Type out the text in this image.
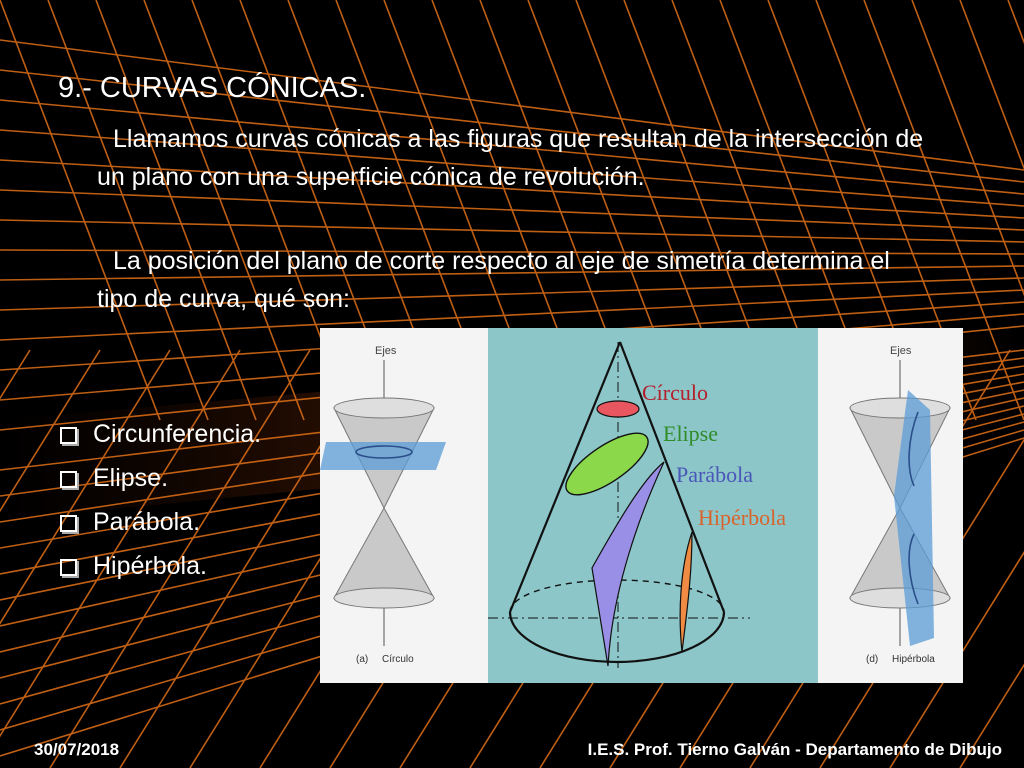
9.- CURVAS CÓNICAS.
Llamamos curvas cónicas a las figuras que resultan de la intersección de un plano con una superficie cónica de revolución.
La posición del plano de corte respecto al eje de simetría determina el tipo de curva, qué son:
Circunferencia.
Elipse.
Parábola.
Hipérbola.
Ejes
(a) Círculo
Círculo
Elipse
Parábola
Hipérbola
Ejes
(d) Hipérbola
30/07/2018	I.E.S. Prof. Tierno Galván - Departamento de Dibujo
